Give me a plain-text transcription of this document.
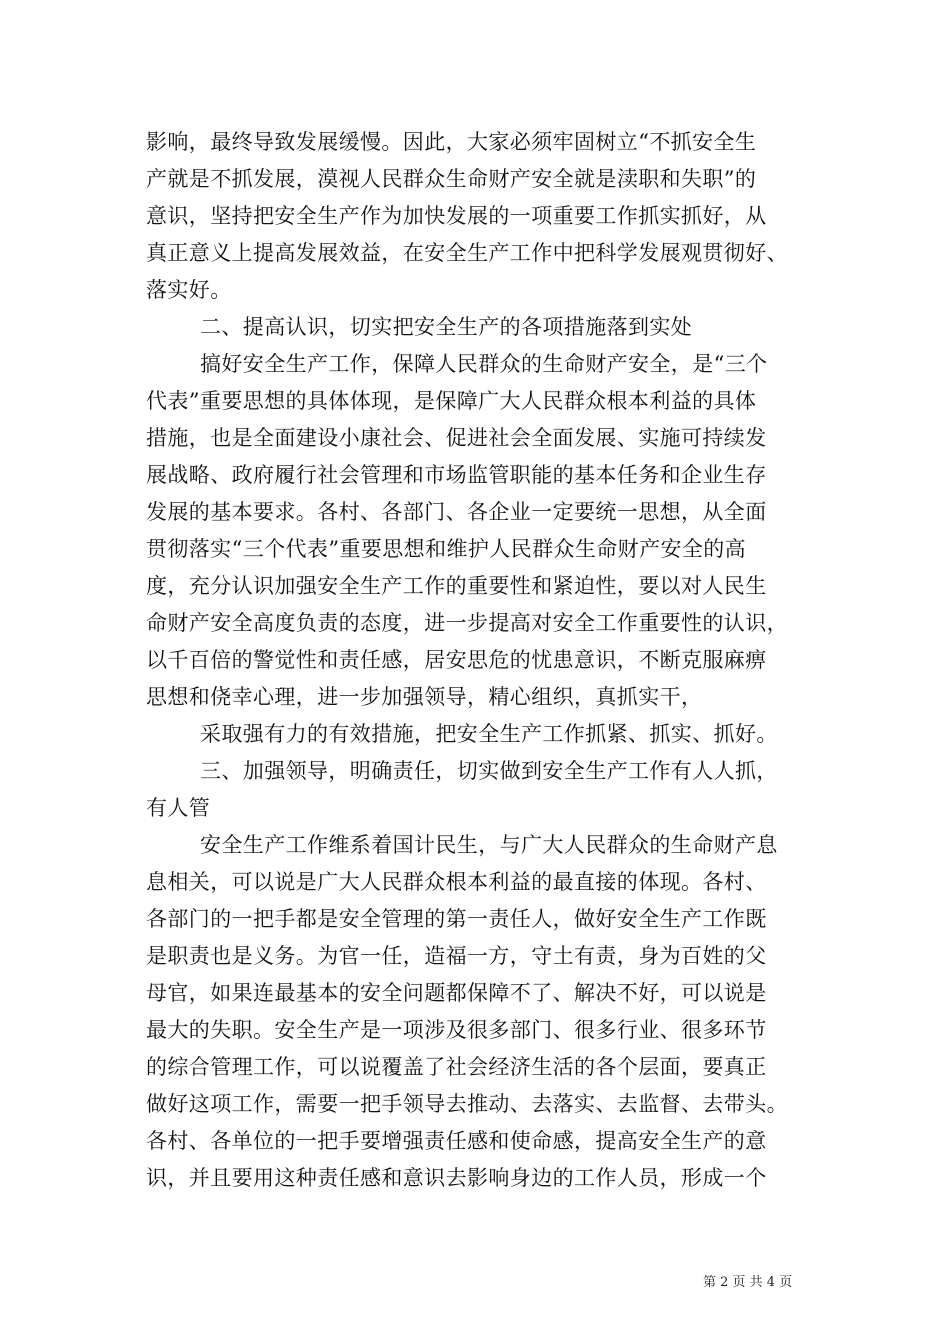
影响，最终导致发展缓慢。因此，大家必须牢固树立“不抓安全生
产就是不抓发展，漠视人民群众生命财产安全就是渎职和失职”的
意识，坚持把安全生产作为加快发展的一项重要工作抓实抓好，从
真正意义上提高发展效益，在安全生产工作中把科学发展观贯彻好、
落实好。
二、提高认识，切实把安全生产的各项措施落到实处
搞好安全生产工作，保障人民群众的生命财产安全，是“三个
代表”重要思想的具体体现，是保障广大人民群众根本利益的具体
措施，也是全面建设小康社会、促进社会全面发展、实施可持续发
展战略、政府履行社会管理和市场监管职能的基本任务和企业生存
发展的基本要求。各村、各部门、各企业一定要统一思想，从全面
贯彻落实“三个代表”重要思想和维护人民群众生命财产安全的高
度，充分认识加强安全生产工作的重要性和紧迫性，要以对人民生
命财产安全高度负责的态度，进一步提高对安全工作重要性的认识，
以千百倍的警觉性和责任感，居安思危的忧患意识，不断克服麻痹
思想和侥幸心理，进一步加强领导，精心组织，真抓实干，
采取强有力的有效措施，把安全生产工作抓紧、抓实、抓好。
三、加强领导，明确责任，切实做到安全生产工作有人人抓，
有人管
安全生产工作维系着国计民生，与广大人民群众的生命财产息
息相关，可以说是广大人民群众根本利益的最直接的体现。各村、
各部门的一把手都是安全管理的第一责任人，做好安全生产工作既
是职责也是义务。为官一任，造福一方，守土有责，身为百姓的父
母官，如果连最基本的安全问题都保障不了、解决不好，可以说是
最大的失职。安全生产是一项涉及很多部门、很多行业、很多环节
的综合管理工作，可以说覆盖了社会经济生活的各个层面，要真正
做好这项工作，需要一把手领导去推动、去落实、去监督、去带头。
各村、各单位的一把手要增强责任感和使命感，提高安全生产的意
识，并且要用这种责任感和意识去影响身边的工作人员，形成一个
第 2 页 共 4 页
